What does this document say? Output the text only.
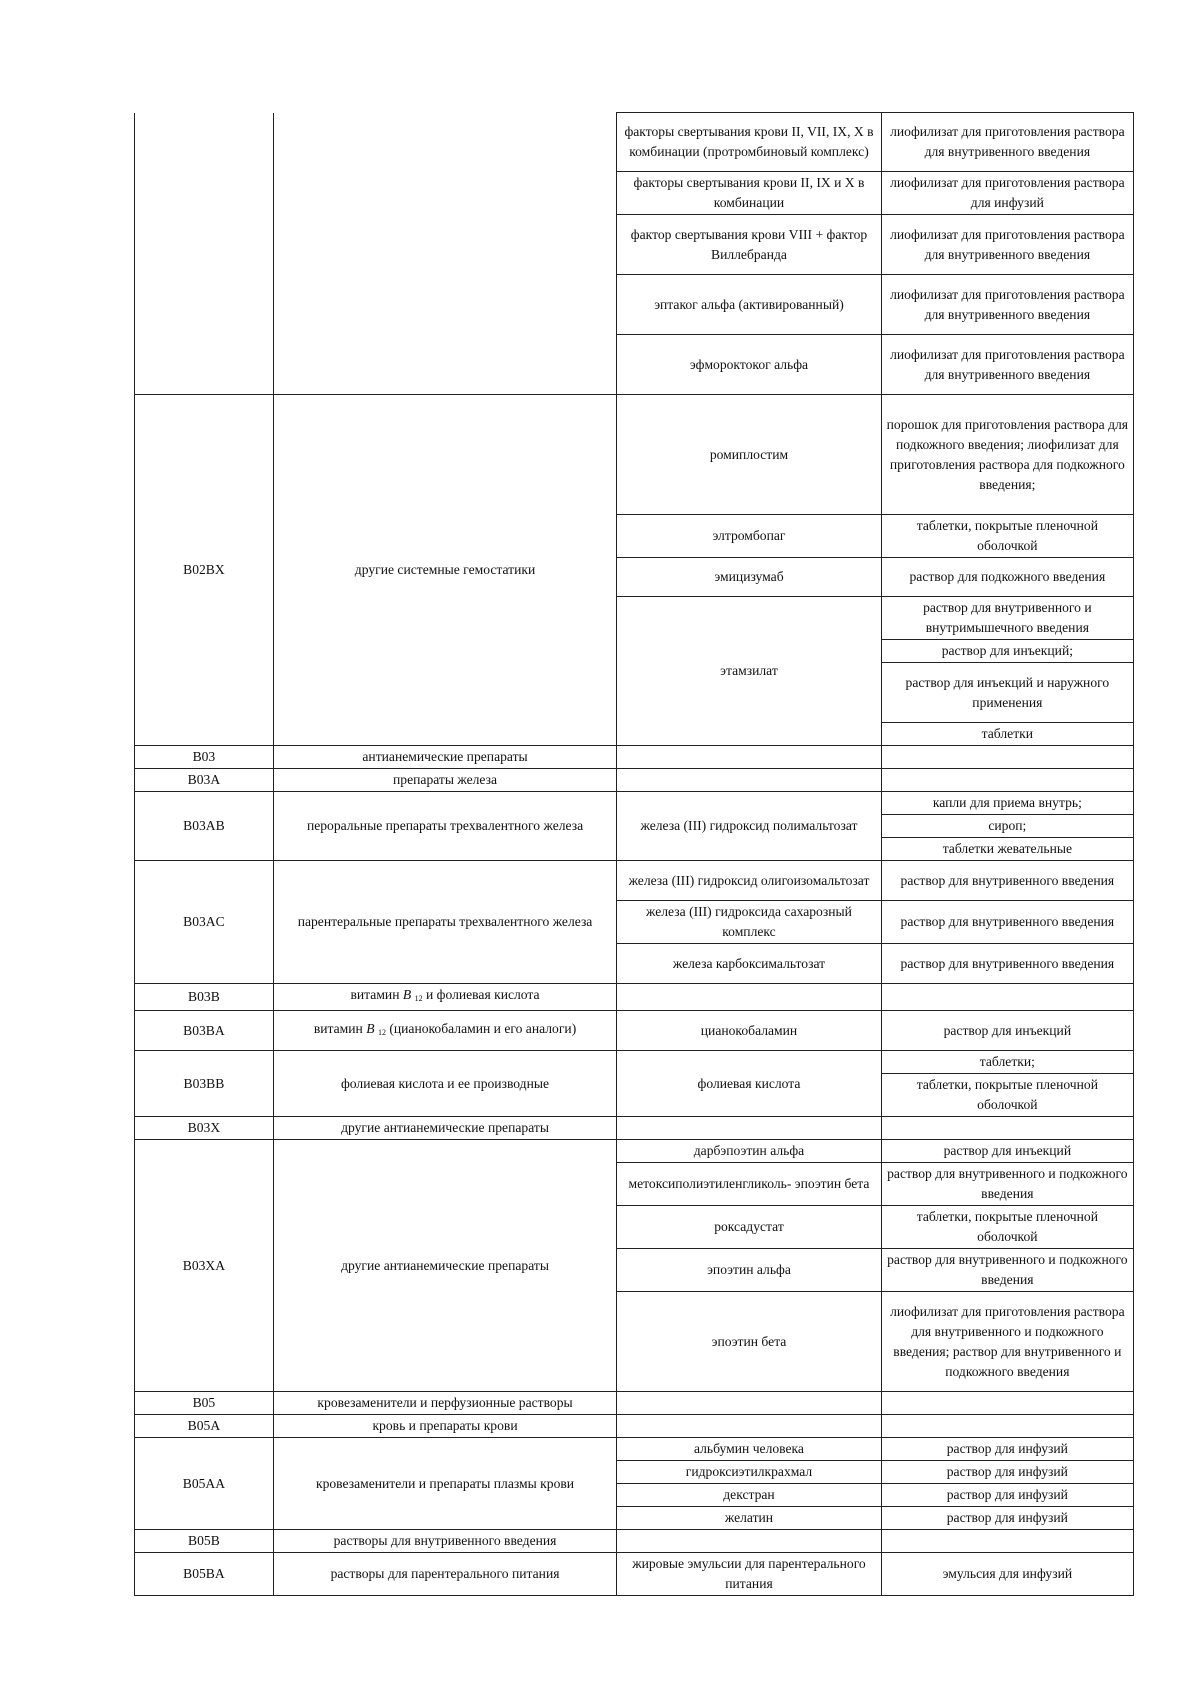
		факторы свертывания крови II, VII, IX, X в комбинации (протромбиновый комплекс)	лиофилизат для приготовления раствора для внутривенного введения
		факторы свертывания крови II, IX и X в комбинации	лиофилизат для приготовления раствора для инфузий
		фактор свертывания крови VIII + фактор Виллебранда	лиофилизат для приготовления раствора для внутривенного введения
		эптаког альфа (активированный)	лиофилизат для приготовления раствора для внутривенного введения
		эфмороктоког альфа	лиофилизат для приготовления раствора для внутривенного введения
B02BX	другие системные гемостатики	ромиплостим	порошок для приготовления раствора для подкожного введения; лиофилизат для приготовления раствора для подкожного введения;
		элтромбопаг	таблетки, покрытые пленочной оболочкой
		эмицизумаб	раствор для подкожного введения
		этамзилат	раствор для внутривенного и внутримышечного введения
			раствор для инъекций;
			раствор для инъекций и наружного применения
			таблетки
B03	антианемические препараты		
B03A	препараты железа		
B03AB	пероральные препараты трехвалентного железа	железа (III) гидроксид полимальтозат	капли для приема внутрь;
			сироп;
			таблетки жевательные
B03AC	парентеральные препараты трехвалентного железа	железа (III) гидроксид олигоизомальтозат	раствор для внутривенного введения
		железа (III) гидроксида сахарозный комплекс	раствор для внутривенного введения
		железа карбоксимальтозат	раствор для внутривенного введения
B03B	витамин B $_{12}$ и фолиевая кислота		
B03BA	витамин B $_{12}$ (цианокобаламин и его аналоги)	цианокобаламин	раствор для инъекций
B03BB	фолиевая кислота и ее производные	фолиевая кислота	таблетки;
			таблетки, покрытые пленочной оболочкой
B03X	другие антианемические препараты		
B03XA	другие антианемические препараты	дарбэпоэтин альфа	раствор для инъекций
		метоксиполиэтиленгликоль- эпоэтин бета	раствор для внутривенного и подкожного введения
		роксадустат	таблетки, покрытые пленочной оболочкой
		эпоэтин альфа	раствор для внутривенного и подкожного введения
		эпоэтин бета	лиофилизат для приготовления раствора для внутривенного и подкожного введения; раствор для внутривенного и подкожного введения
B05	кровезаменители и перфузионные растворы		
B05A	кровь и препараты крови		
B05AA	кровезаменители и препараты плазмы крови	альбумин человека	раствор для инфузий
		гидроксиэтилкрахмал	раствор для инфузий
		декстран	раствор для инфузий
		желатин	раствор для инфузий
B05B	растворы для внутривенного введения		
B05BA	растворы для парентерального питания	жировые эмульсии для парентерального питания	эмульсия для инфузий
